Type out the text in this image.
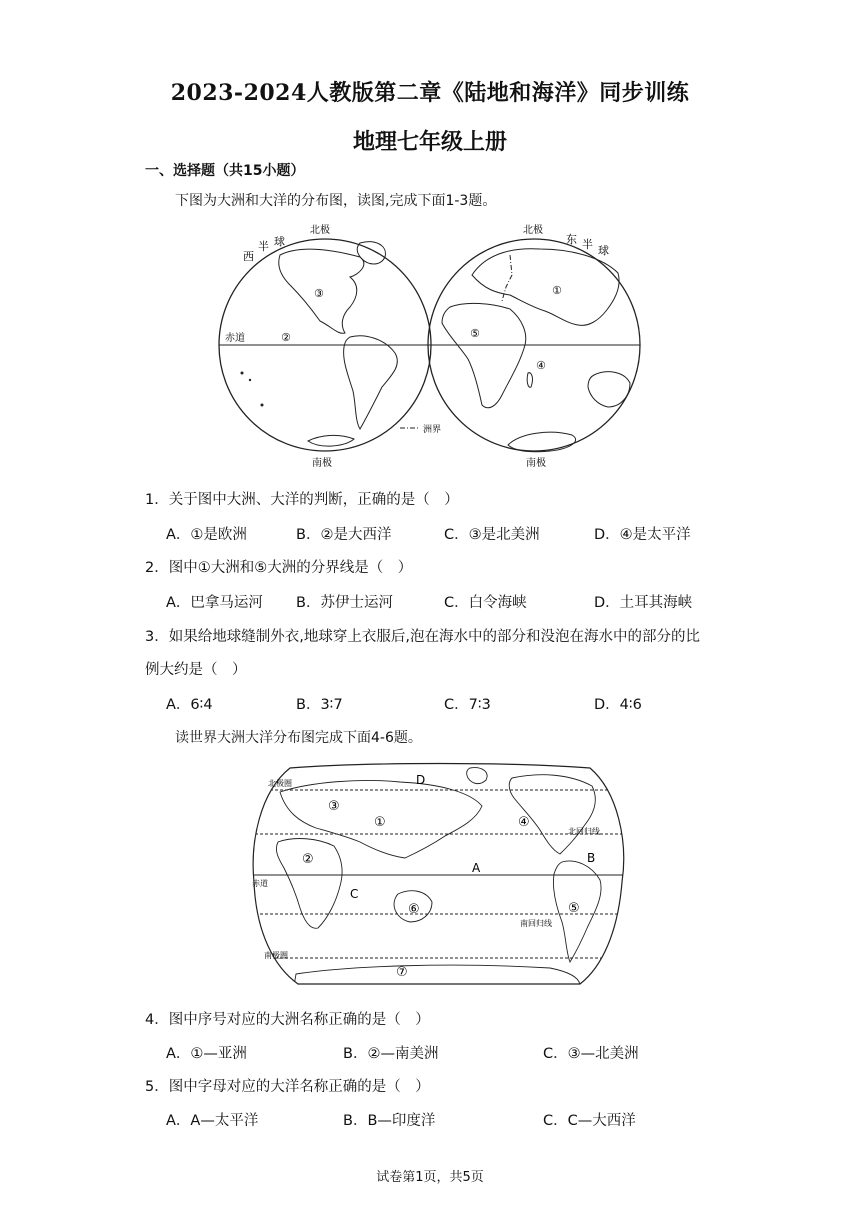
2023-2024人教版第二章《陆地和海洋》同步训练
地理七年级上册
一、选择题（共15小题）
下图为大洲和大洋的分布图，读图,完成下面1-3题。
洲界
北极	北极
南极	南极
西
半 球	东 半 球
赤道
③
②
①
⑤
④
1．关于图中大洲、大洋的判断，正确的是（　）
A．①是欧洲	B．②是大西洋	C．③是北美洲	D．④是太平洋
2．图中①大洲和⑤大洲的分界线是（　）
A．巴拿马运河 B．苏伊士运河	C．白令海峡	D．土耳其海峡
3．如果给地球缝制外衣,地球穿上衣服后,泡在海水中的部分和没泡在海水中的部分的比
例大约是（　）
A．6∶4	B．3∶7	C．7∶3	D．4∶6
读世界大洲大洋分布图完成下面4-6题。
北极圈
北回归线
赤道
南回归线
南极圈
①
②
③
④
⑤
⑥
⑦
A
B
C
D
4．图中序号对应的大洲名称正确的是（　）
A．①—亚洲	B．②—南美洲	C．③—北美洲
5．图中字母对应的大洋名称正确的是（　）
A．A—太平洋	B．B—印度洋	C．C—大西洋
试卷第1页，共5页
